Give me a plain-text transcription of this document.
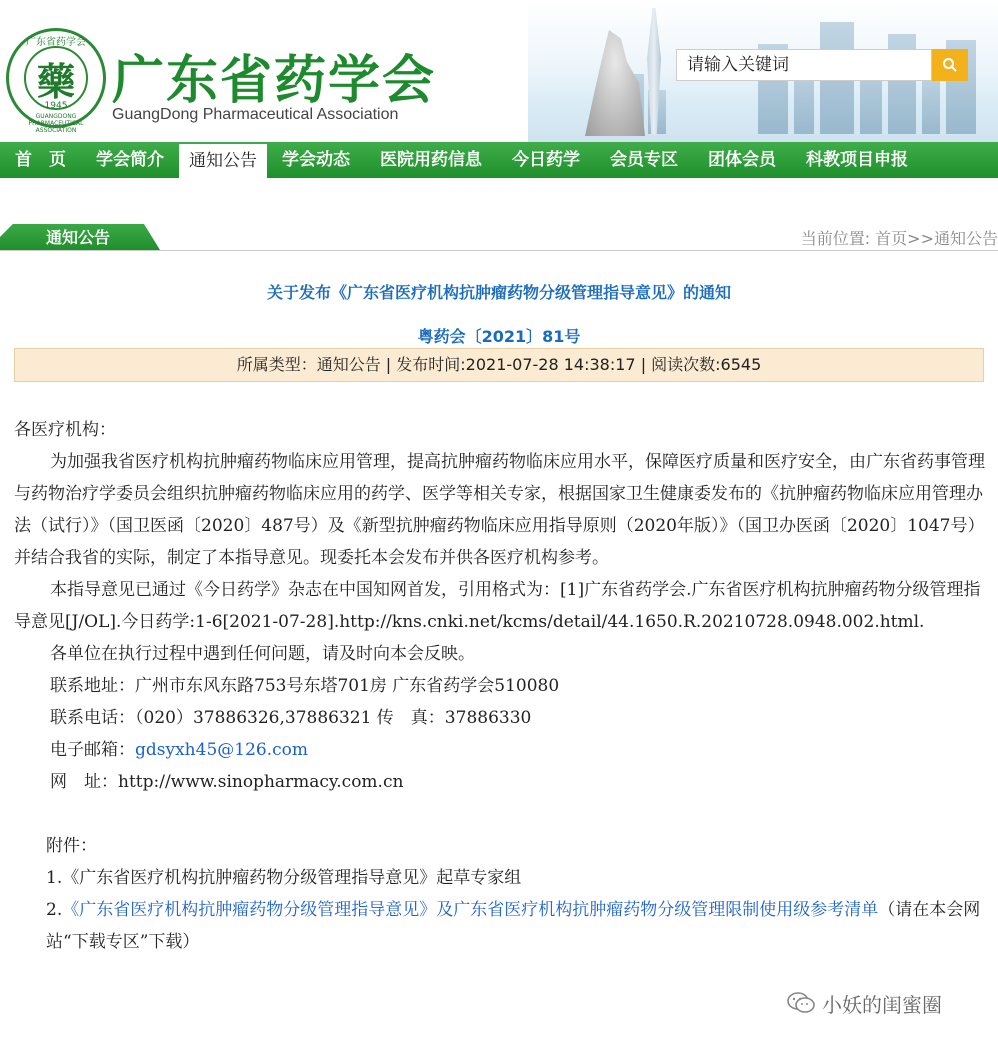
广东省药学会
藥
1945
GUANGDONG PHARMACEUTICAL ASSOCIATION
广东省药学会
GuangDong Pharmaceutical Association
请输入关键词
首　页	学会简介	通知公告	学会动态	医院用药信息	今日药学	会员专区	团体会员	科教项目申报
通知公告	当前位置: 首页>>通知公告
关于发布《广东省医疗机构抗肿瘤药物分级管理指导意见》的通知
粤药会〔2021〕81号
所属类型：通知公告 | 发布时间:2021-07-28 14:38:17 | 阅读次数:6545

各医疗机构：

为加强我省医疗机构抗肿瘤药物临床应用管理，提高抗肿瘤药物临床应用水平，保障医疗质量和医疗安全，由广东省药事管理与药物治疗学委员会组织抗肿瘤药物临床应用的药学、医学等相关专家，根据国家卫生健康委发布的《抗肿瘤药物临床应用管理办法（试行）》（国卫医函〔2020〕487号）及《新型抗肿瘤药物临床应用指导原则（2020年版）》（国卫办医函〔2020〕1047号）并结合我省的实际，制定了本指导意见。现委托本会发布并供各医疗机构参考。

本指导意见已通过《今日药学》杂志在中国知网首发，引用格式为：[1]广东省药学会.广东省医疗机构抗肿瘤药物分级管理指导意见[J/OL].今日药学:1-6[2021-07-28].http://kns.cnki.net/kcms/detail/44.1650.R.20210728.0948.002.html.

各单位在执行过程中遇到任何问题，请及时向本会反映。

联系地址：广州市东风东路753号东塔701房 广东省药学会510080

联系电话：（020）37886326,37886321 传　真：37886330

电子邮箱：gdsyxh45@126.com

网　址：http://www.sinopharmacy.com.cn

附件：

1.《广东省医疗机构抗肿瘤药物分级管理指导意见》起草专家组

2.《广东省医疗机构抗肿瘤药物分级管理指导意见》及广东省医疗机构抗肿瘤药物分级管理限制使用级参考清单（请在本会网站“下载专区”下载）

小妖的闺蜜圈
